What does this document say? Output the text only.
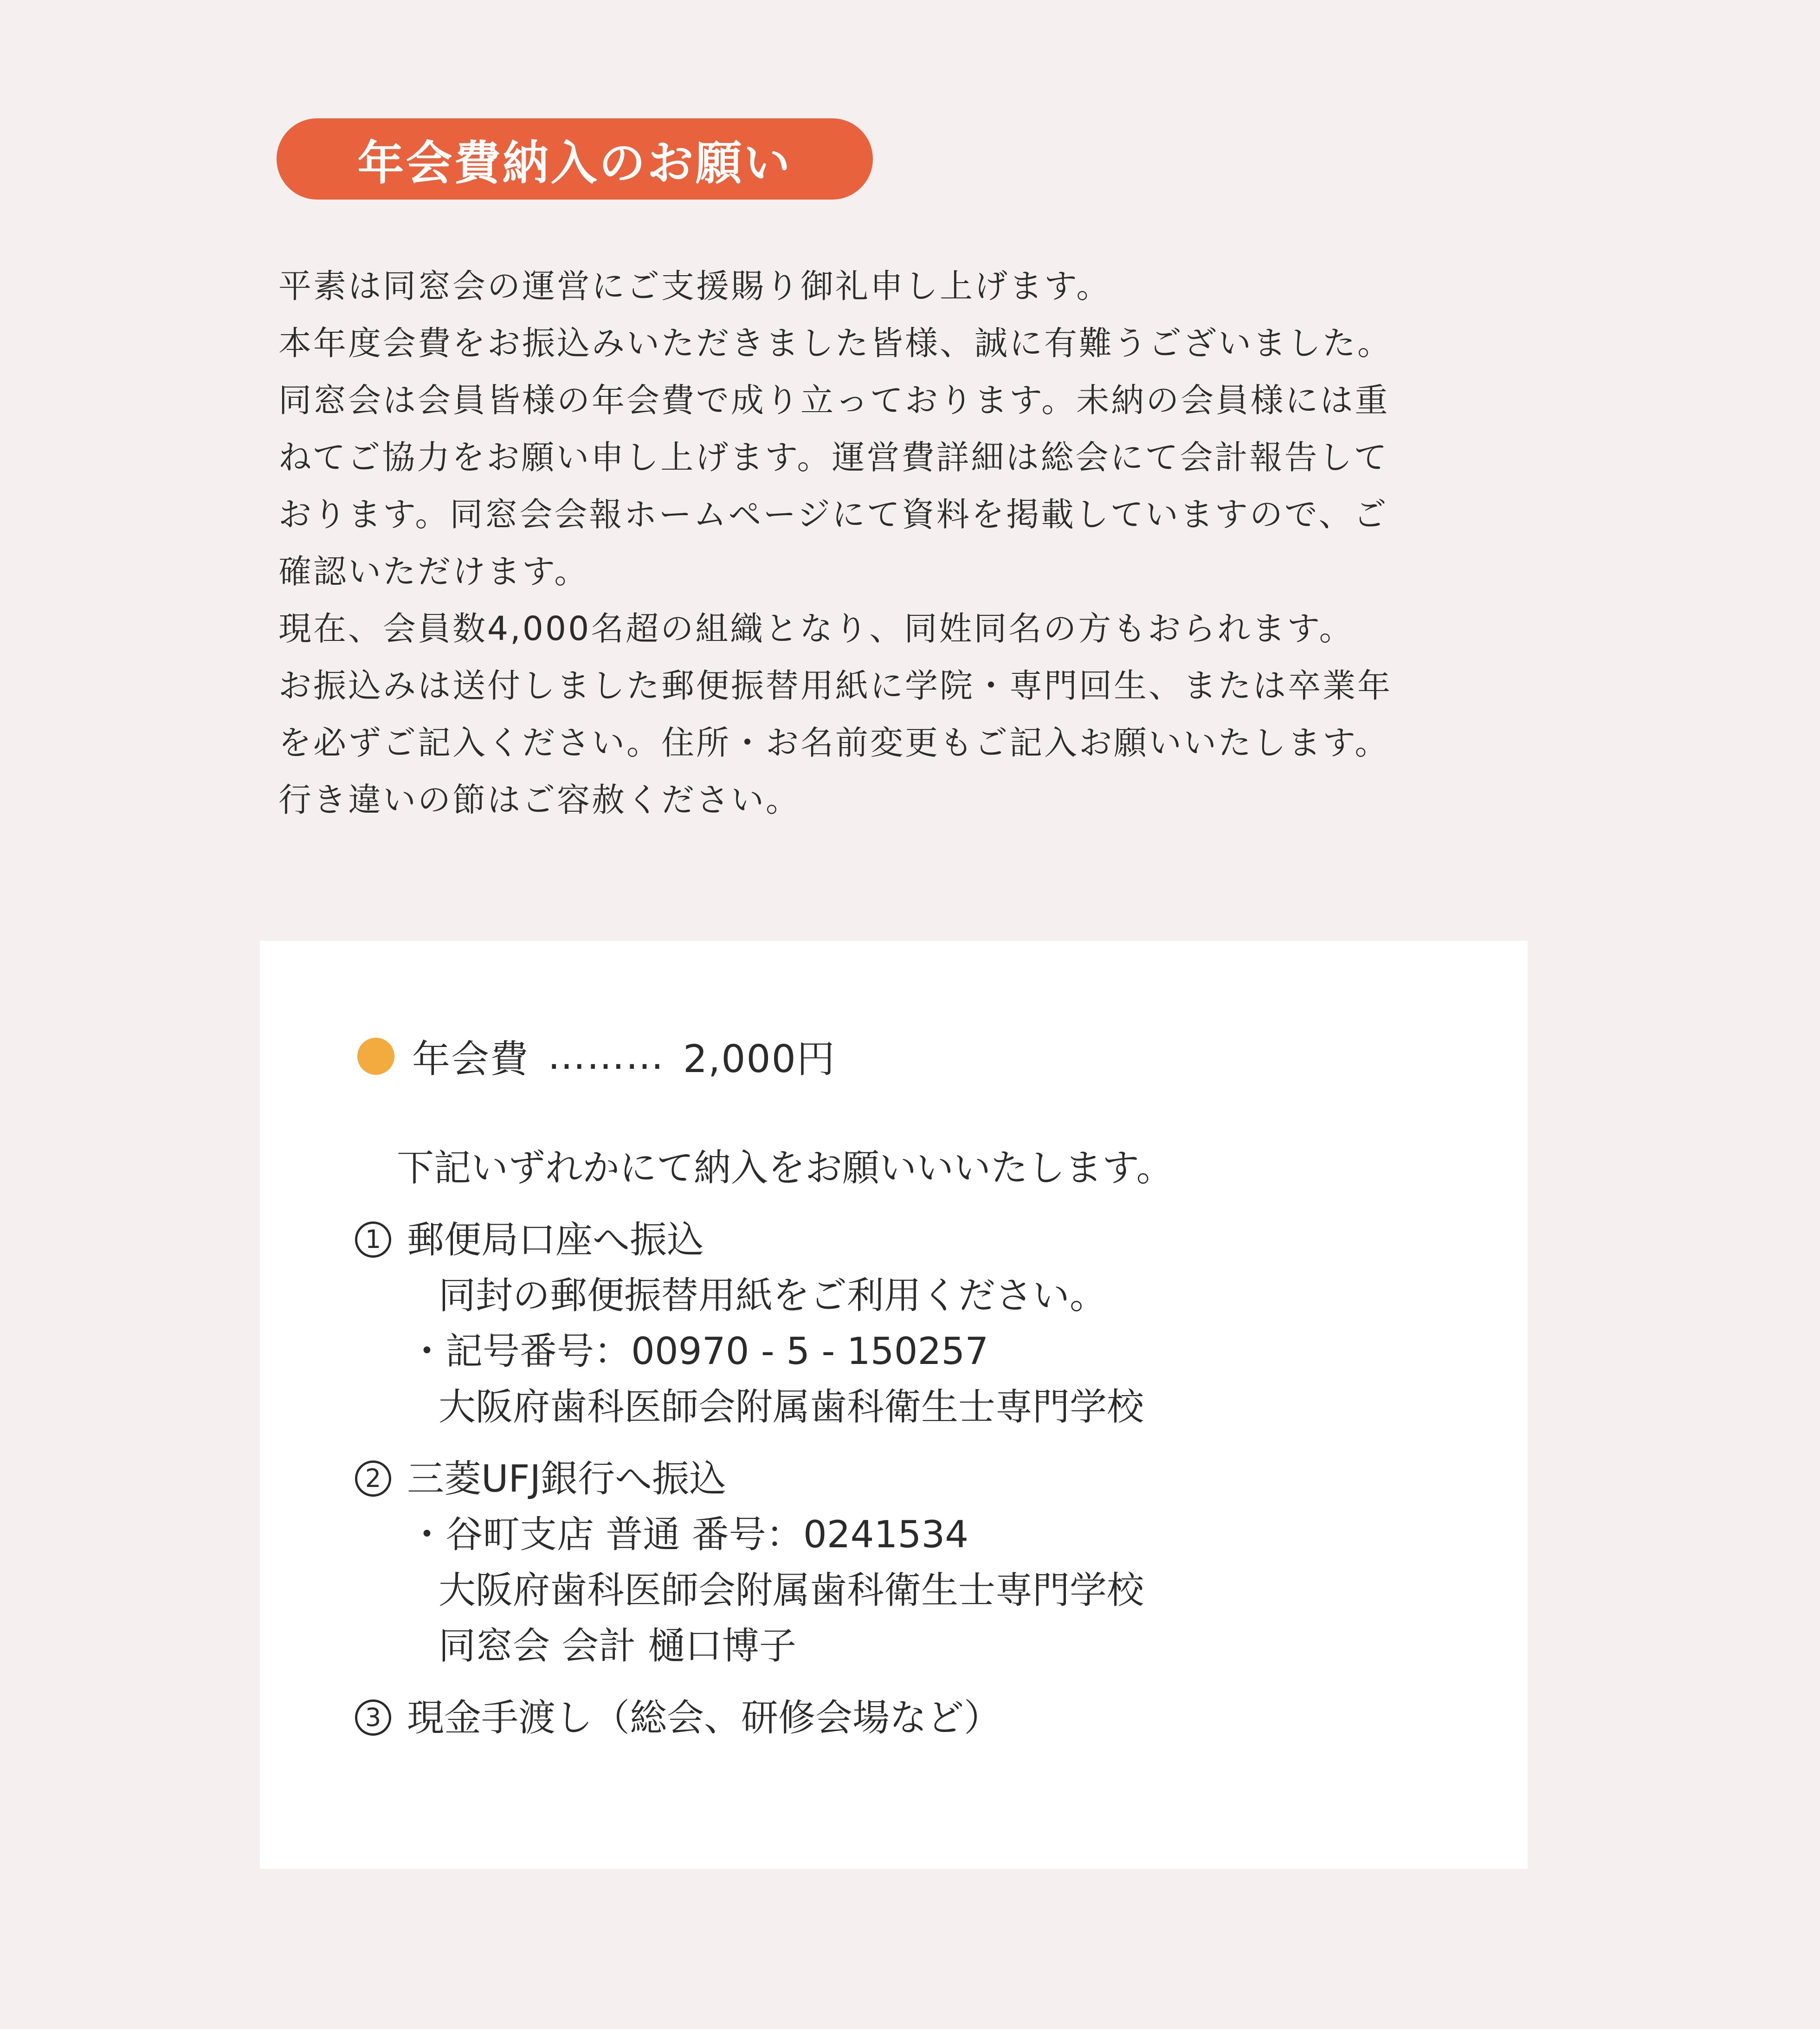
年会費納入のお願い
平素は同窓会の運営にご支援賜り御礼申し上げます。
本年度会費をお振込みいただきました皆様、誠に有難うございました。
同窓会は会員皆様の年会費で成り立っております。未納の会員様には重
ねてご協力をお願い申し上げます。運営費詳細は総会にて会計報告して
おります。同窓会会報ホームページにて資料を掲載していますので、ご
確認いただけます。
現在、会員数4,000名超の組織となり、同姓同名の方もおられます。
お振込みは送付しました郵便振替用紙に学院・専門回生、または卒業年
を必ずご記入ください。住所・お名前変更もご記入お願いいたします。
行き違いの節はご容赦ください。
年会費 ……… 2,000円
下記いずれかにて納入をお願いいいたします。
1 郵便局口座へ振込
同封の郵便振替用紙をご利用ください。
・記号番号：00970 - 5 - 150257
大阪府歯科医師会附属歯科衛生士専門学校
2 三菱UFJ銀行へ振込
・谷町支店 普通 番号：0241534
大阪府歯科医師会附属歯科衛生士専門学校
同窓会 会計 樋口博子
3 現金手渡し（総会、研修会場など）
